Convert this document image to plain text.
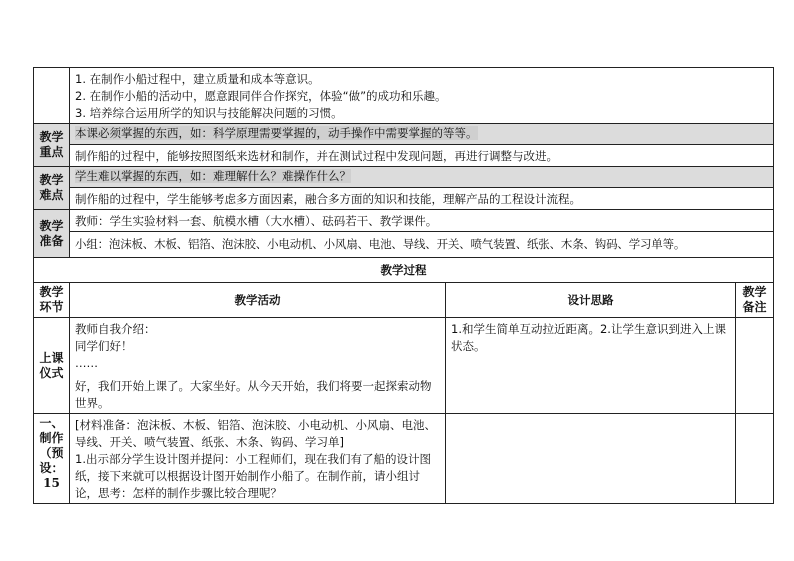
	1. 在制作小船过程中，建立质量和成本等意识。
2. 在制作小船的活动中，愿意跟同伴合作探究，体验“做”的成功和乐趣。
3. 培养综合运用所学的知识与技能解决问题的习惯。		

教学重点	本课必须掌握的东西，如：科学原理需要掌握的，动手操作中需要掌握的等等。		
	制作船的过程中，能够按照图纸来选材和制作，并在测试过程中发现问题，再进行调整与改进。		
教学难点	学生难以掌握的东西，如：难理解什么？难操作什么？		
	制作船的过程中，学生能够考虑多方面因素，融合多方面的知识和技能，理解产品的工程设计流程。		
教学准备	教师：学生实验材料一套、航模水槽（大水槽）、砝码若干、教学课件。		
	小组：泡沫板、木板、铝箔、泡沫胶、小电动机、小风扇、电池、导线、开关、喷气装置、纸张、木条、钩码、学习单等。		
教学过程			
教学环节	教学活动	设计思路	教学备注
上课仪式	教师自我介绍：
同学们好！
……
好，我们开始上课了。大家坐好。从今天开始，我们将要一起探索动物世界。	1.和学生简单互动拉近距离。2.让学生意识到进入上课状态。	
一、制作（预设：15	[材料准备：泡沫板、木板、铝箔、泡沫胶、小电动机、小风扇、电池、导线、开关、喷气装置、纸张、木条、钩码、学习单]
1.出示部分学生设计图并提问：小工程师们，现在我们有了船的设计图纸，接下来就可以根据设计图开始制作小船了。在制作前，请小组讨论，思考：怎样的制作步骤比较合理呢？		
